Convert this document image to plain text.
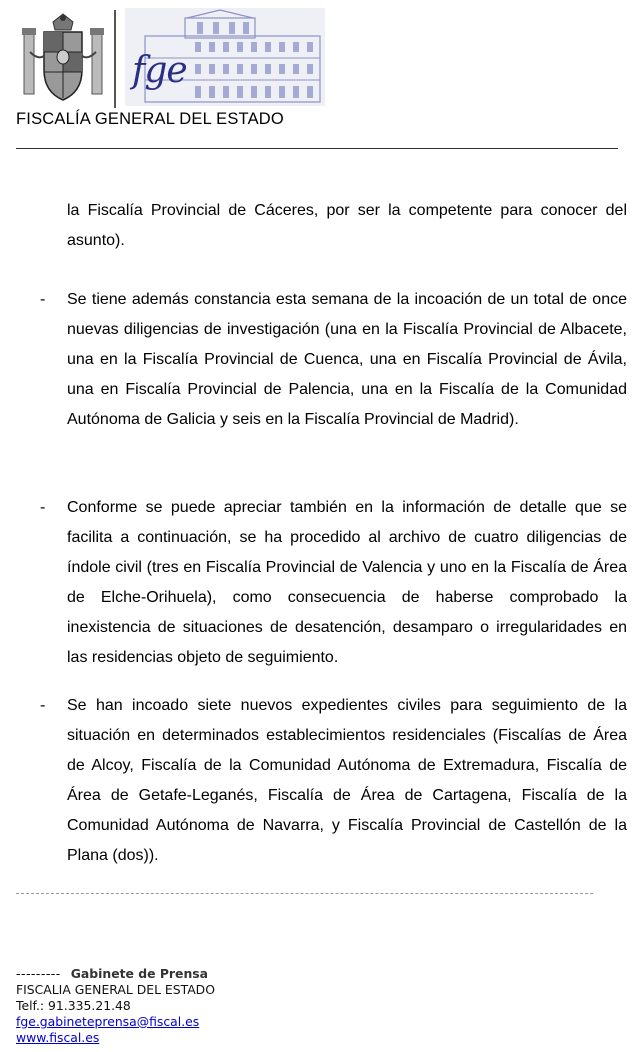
fge
FISCALÍA GENERAL DEL ESTADO
la Fiscalía Provincial de Cáceres, por ser la competente para conocer del asunto).
- Se tiene además constancia esta semana de la incoación de un total de once nuevas diligencias de investigación (una en la Fiscalía Provincial de Albacete, una en la Fiscalía Provincial de Cuenca, una en Fiscalía Provincial de Ávila, una en Fiscalía Provincial de Palencia, una en la Fiscalía de la Comunidad Autónoma de Galicia y seis en la Fiscalía Provincial de Madrid).
- Conforme se puede apreciar también en la información de detalle que se facilita a continuación, se ha procedido al archivo de cuatro diligencias de índole civil (tres en Fiscalía Provincial de Valencia y uno en la Fiscalía de Área de Elche-Orihuela), como consecuencia de haberse comprobado la inexistencia de situaciones de desatención, desamparo o irregularidades en las residencias objeto de seguimiento.
- Se han incoado siete nuevos expedientes civiles para seguimiento de la situación en determinados establecimientos residenciales (Fiscalías de Área de Alcoy, Fiscalía de la Comunidad Autónoma de Extremadura, Fiscalía de Área de Getafe-Leganés, Fiscalía de Área de Cartagena, Fiscalía de la Comunidad Autónoma de Navarra, y Fiscalía Provincial de Castellón de la Plana (dos)).
--------- Gabinete de Prensa
FISCALIA GENERAL DEL ESTADO
Telf.: 91.335.21.48
fge.gabineteprensa@fiscal.es
www.fiscal.es
